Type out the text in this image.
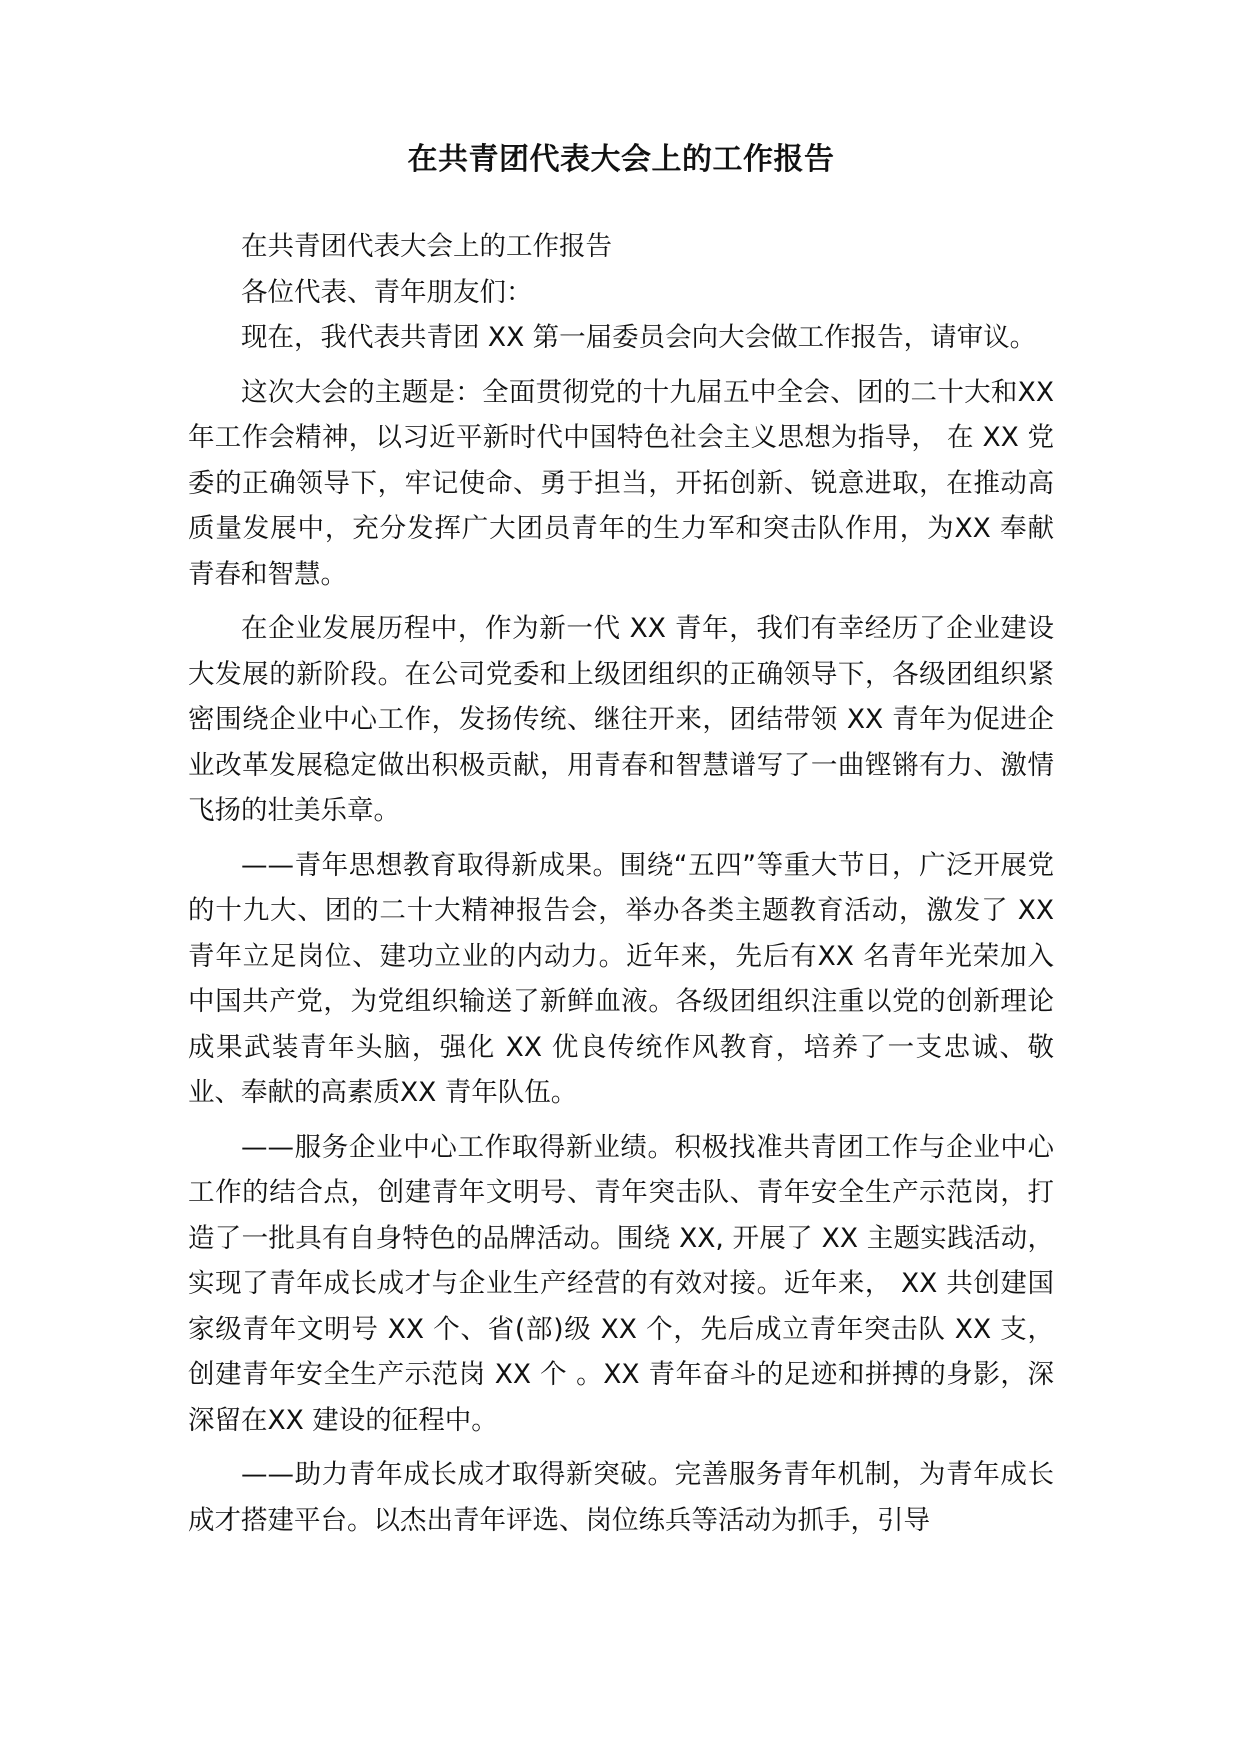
在共青团代表大会上的工作报告

在共青团代表大会上的工作报告

各位代表、青年朋友们：

现在，我代表共青团 XX 第一届委员会向大会做工作报告，请审议。

这次大会的主题是：全面贯彻党的十九届五中全会、团的二十大和XX 年工作会精神，以习近平新时代中国特色社会主义思想为指导， 在 XX 党委的正确领导下，牢记使命、勇于担当，开拓创新、锐意进取，在推动高质量发展中，充分发挥广大团员青年的生力军和突击队作用，为XX 奉献青春和智慧。

在企业发展历程中，作为新一代 XX 青年，我们有幸经历了企业建设大发展的新阶段。在公司党委和上级团组织的正确领导下，各级团组织紧密围绕企业中心工作，发扬传统、继往开来，团结带领 XX 青年为促进企业改革发展稳定做出积极贡献，用青春和智慧谱写了一曲铿锵有力、激情飞扬的壮美乐章。

——青年思想教育取得新成果。围绕“五四”等重大节日，广泛开展党的十九大、团的二十大精神报告会，举办各类主题教育活动，激发了 XX 青年立足岗位、建功立业的内动力。近年来，先后有XX 名青年光荣加入中国共产党，为党组织输送了新鲜血液。各级团组织注重以党的创新理论成果武装青年头脑，强化 XX 优良传统作风教育，培养了一支忠诚、敬业、奉献的高素质XX 青年队伍。

——服务企业中心工作取得新业绩。积极找准共青团工作与企业中心工作的结合点，创建青年文明号、青年突击队、青年安全生产示范岗，打造了一批具有自身特色的品牌活动。围绕 XX, 开展了 XX 主题实践活动，实现了青年成长成才与企业生产经营的有效对接。近年来， XX 共创建国家级青年文明号 XX 个、省(部)级 XX 个，先后成立青年突击队 XX 支，创建青年安全生产示范岗 XX 个 。XX 青年奋斗的足迹和拼搏的身影，深深留在XX 建设的征程中。

——助力青年成长成才取得新突破。完善服务青年机制，为青年成长成才搭建平台。以杰出青年评选、岗位练兵等活动为抓手，引导
